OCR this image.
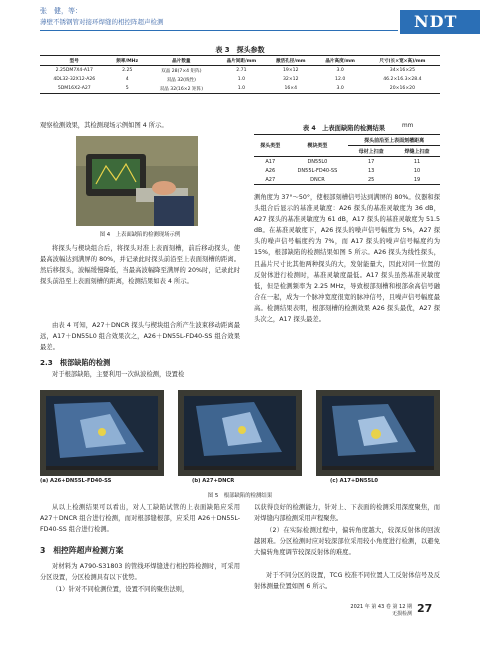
张　健，等：
薄壁不锈钢管对接环焊缝的相控阵超声检测	NDT
表 3　探头参数
型号	频率/MHz	晶片数量	晶片间距/mm	激活孔径/mm	晶片高度/mm	尺寸(长×宽×高)/mm
2.25DM7X4-A17	2.25	双晶 28(7×4 矩阵)	2.71	19×12	3.0	34×16×25
4DL32-32X12-A26	4	双晶 32(线性)	1.0	32×12	12.0	46.2×16.3×28.4
5DM16X2-A27	5	双晶 32(16×2 矩阵)	1.0	16×4	3.0	20×16×20
观察检测效果，其检测现场示例如图 4 所示。
图 4　上表面缺陷的检测现场示例
将探头与楔块组合后，将探头对准上表面刻槽，前后移动探头，使最高波幅达到满屏的 80%，并记录此时探头前沿至上表面刻槽的距离。然后移探头，波幅缓慢降低，当最高波幅降至满屏的 20%时，记录此时探头前沿至上表面刻槽的距离，检测结果如表 4 所示。
由表 4 可知，A27＋DNCR 探头与楔块组合所产生波束移动距离最远，A17＋DN55L0 组合效果次之，A26＋DN55L-FD40-SS 组合效果最差。
2.3　根部缺陷的检测
对于根部缺陷，主要利用一次纵波检测，设置检
表 4　上表面缺陷的检测结果	mm
探头类型	楔块类型	探头前沿至上表面刻槽距离	
		母材上扫查	焊缝上扫查
A17	DN55L0	17	11
A26	DN55L-FD40-SS	13	10
A27	DNCR	25	19
测角度为 37°～50°，使根部刻槽信号达到满屏的 80%。仪器和探头组合后显示的基准灵敏度：A26 探头的基准灵敏度为 36 dB，A27 探头的基准灵敏度为 61 dB，A17 探头的基准灵敏度为 51.5 dB。在基准灵敏度下，A26 探头的噪声信号幅度为 5%，A27 探头的噪声信号幅度约为 7%，而 A17 探头的噪声信号幅度约为 15%，根部缺陷的检测结果如图 5 所示。A26 探头为线性探头，且晶片尺寸比其他两种探头的大，发射能量大，因此对同一位置的反射体进行检测时，基准灵敏度最低。A17 探头虽然基准灵敏度低，但是检测频率为 2.25 MHz，导致根部刻槽和根部余高信号融合在一起，成为一个脉冲宽度很宽的脉冲信号，且噪声信号幅度最高。检测结果表明，根部刻槽的检测效果 A26 探头最优，A27 探头次之，A17 探头最差。
(a) A26+DN55L-FD40-SS	(b) A27+DNCR	(c) A17+DN55L0
图 5　根部缺陷的检测结果
从以上检测结果可以看出，对人工缺陷试管的上表面缺陷应采用 A27＋DNCR 组合进行检测，而对根部缝根部，应采用 A26＋DN55L-FD40-SS 组合进行检测。
3　相控阵超声检测方案
对材料为 A790-S31803 的管线环焊缝进行相控阵检测时，可采用分区设置，分区检测具有以下优势。
（1）针对不同检测位置，设置不同的聚焦法则，
以获得良好的检测能力，针对上、下表面的检测采用深度聚焦，而对焊缝内部检测采用声程聚焦。
（2）在实际检测过程中，偏转角度越大，较深反射体的回波越困难。分区检测时应对较深部位采用较小角度进行检测，以避免大偏转角度调节较深反射体的难度。
对于不同分区的设置，TCG 校准不同位置人工反射体信号及反射体测量位置如图 6 所示。
2021 年 第 43 卷 第 12 期
无损检测 27
